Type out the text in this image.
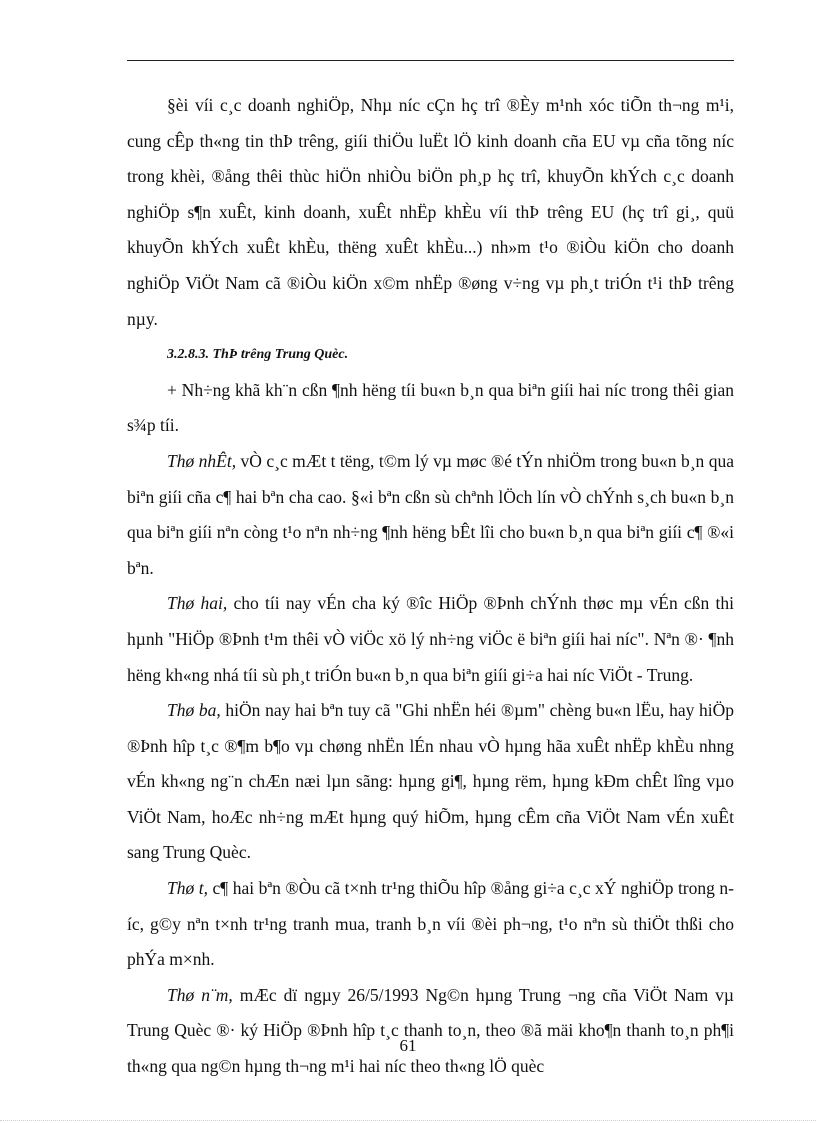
§èi víi c¸c doanh nghiÖp, Nhµ níc cÇn hç trî ®Èy m¹nh xóc tiÕn th¬ng m¹i, cung cÊp th«ng tin thÞ trêng, giíi thiÖu luËt lÖ kinh doanh cña EU vµ cña tõng níc trong khèi, ®ång thêi thùc hiÖn nhiÒu biÖn ph¸p hç trî, khuyÕn khÝch c¸c doanh nghiÖp s¶n xuÊt, kinh doanh, xuÊt nhËp khÈu víi thÞ trêng EU (hç trî gi¸, quü khuyÕn khÝch xuÊt khÈu, thëng xuÊt khÈu...) nh»m t¹o ®iÒu kiÖn cho doanh nghiÖp ViÖt Nam cã ®iÒu kiÖn x©m nhËp ®øng v÷ng vµ ph¸t triÓn t¹i thÞ trêng nµy.

3.2.8.3. ThÞ trêng Trung Quèc.

+ Nh÷ng khã kh¨n cßn ¶nh hëng tíi bu«n b¸n qua biªn giíi hai níc trong thêi gian s¾p tíi.

Thø nhÊt, vÒ c¸c mÆt t tëng, t©m lý vµ møc ®é tÝn nhiÖm trong bu«n b¸n qua biªn giíi cña c¶ hai bªn cha cao. §«i bªn cßn sù chªnh lÖch lín vÒ chÝnh s¸ch bu«n b¸n qua biªn giíi nªn còng t¹o nªn nh÷ng ¶nh hëng bÊt lîi cho bu«n b¸n qua biªn giíi c¶ ®«i bªn.

Thø hai, cho tíi nay vÉn cha ký ®îc HiÖp ®Þnh chÝnh thøc mµ vÉn cßn thi hµnh "HiÖp ®Þnh t¹m thêi vÒ viÖc xö lý nh÷ng viÖc ë biªn giíi hai níc". Nªn ®· ¶nh hëng kh«ng nhá tíi sù ph¸t triÓn bu«n b¸n qua biªn giíi gi÷a hai níc ViÖt - Trung.

Thø ba, hiÖn nay hai bªn tuy cã "Ghi nhËn héi ®µm" chèng bu«n lËu, hay hiÖp ®Þnh hîp t¸c ®¶m b¶o vµ chøng nhËn lÉn nhau vÒ hµng hãa xuÊt nhËp khÈu nhng vÉn kh«ng ng¨n chÆn næi lµn sãng: hµng gi¶, hµng rëm, hµng kÐm chÊt lîng vµo ViÖt Nam, hoÆc nh÷ng mÆt hµng quý hiÕm, hµng cÊm cña ViÖt Nam vÉn xuÊt sang Trung Quèc.

Thø t, c¶ hai bªn ®Òu cã t×nh tr¹ng thiÕu hîp ®ång gi÷a c¸c xÝ nghiÖp trong níc, g©y nªn t×nh tr¹ng tranh mua, tranh b¸n víi ®èi ph¬ng, t¹o nªn sù thiÖt thßi cho phÝa m×nh.

Thø n¨m, mÆc dï ngµy 26/5/1993 Ng©n hµng Trung ¬ng cña ViÖt Nam vµ Trung Quèc ®· ký HiÖp ®Þnh hîp t¸c thanh to¸n, theo ®ã mäi kho¶n thanh to¸n ph¶i th«ng qua ng©n hµng th¬ng m¹i hai níc theo th«ng lÖ quèc

61
